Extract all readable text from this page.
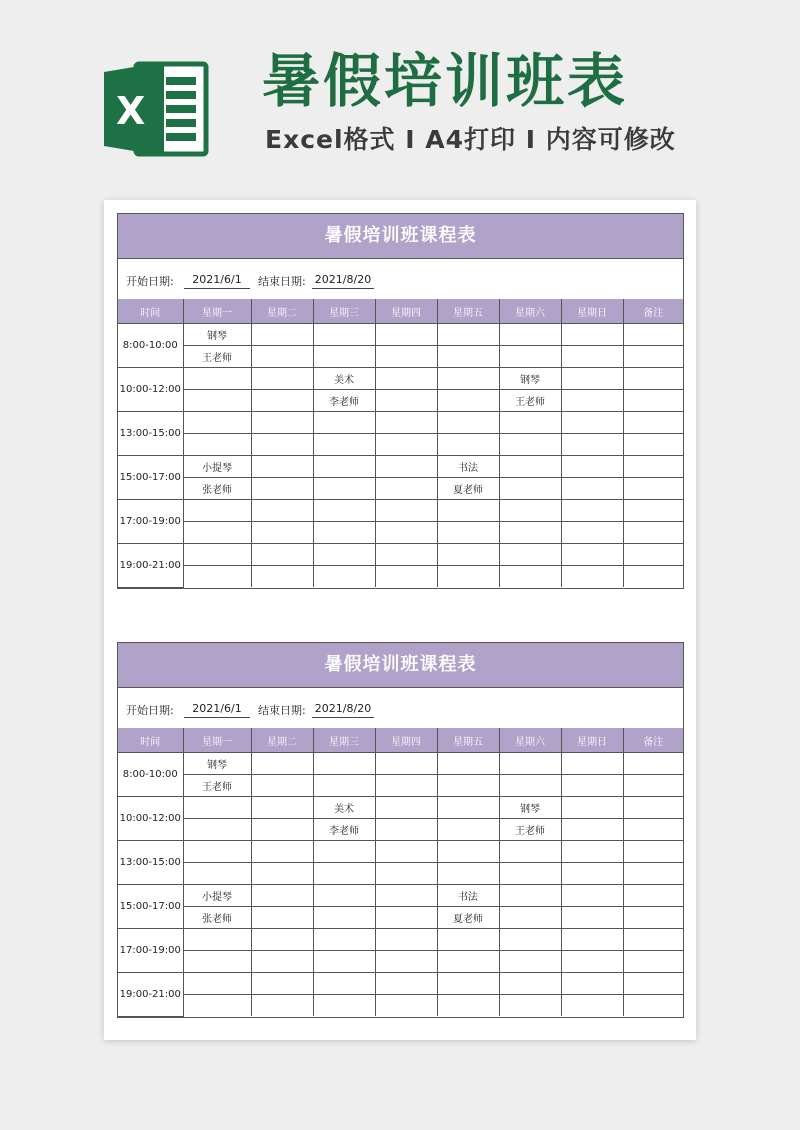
X 暑假培训班表
Excel格式 I A4打印 I 内容可修改
暑假培训班课程表
开始日期:	2021/6/1	结束日期: 2021/8/20
时间	星期一	星期二	星期三	星期四	星期五	星期六	星期日	备注
8:00-10:00	钢琴							
	王老师							
10:00-12:00			美术			钢琴		
			李老师			王老师		
13:00-15:00								

15:00-17:00	小提琴				书法			
	张老师				夏老师			
17:00-19:00								

19:00-21:00								

暑假培训班课程表
开始日期:	2021/6/1	结束日期: 2021/8/20
时间	星期一	星期二	星期三	星期四	星期五	星期六	星期日	备注
8:00-10:00	钢琴							
	王老师							
10:00-12:00			美术			钢琴		
			李老师			王老师		
13:00-15:00								

15:00-17:00	小提琴				书法			
	张老师				夏老师			
17:00-19:00								

19:00-21:00								
